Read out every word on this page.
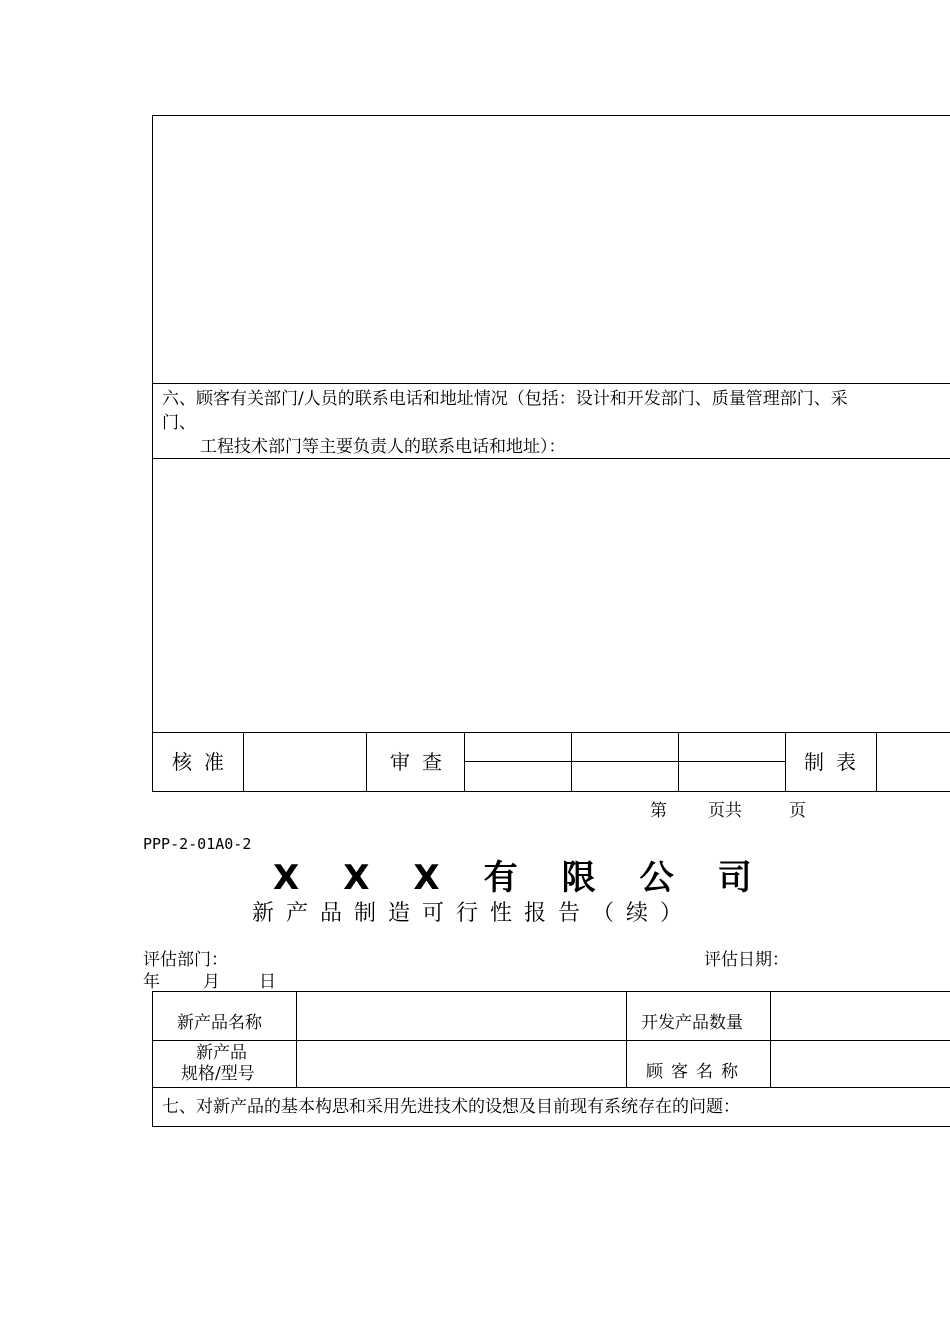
六、顾客有关部门/人员的联系电话和地址情况（包括：设计和开发部门、质量管理部门、采
门、
工程技术部门等主要负责人的联系电话和地址）：
核准	审查	制表
第 页共	页
PPP-2-01A0-2
XXX有限公司
新产品制造可行性报告（续）
评估部门：	评估日期：
年	月 日
新产品名称	开发产品数量
新产品
规格/型号	顾客名称
七、对新产品的基本构思和采用先进技术的设想及目前现有系统存在的问题：
